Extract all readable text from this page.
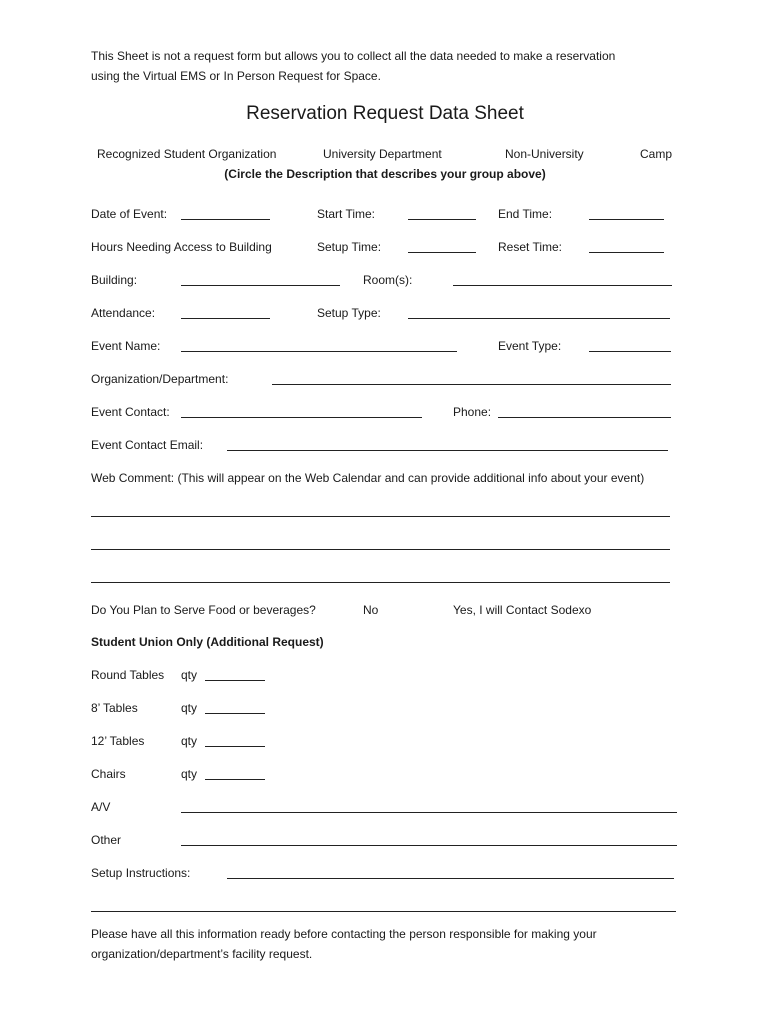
This Sheet is not a request form but allows you to collect all the data needed to make a reservation
using the Virtual EMS or In Person Request for Space.
Reservation Request Data Sheet
Recognized Student Organization	University Department	Non-University	Camp
(Circle the Description that describes your group above)
Date of Event:	Start Time:	End Time:
Hours Needing Access to Building	Setup Time:	Reset Time:
Building:	Room(s):
Attendance:	Setup Type:
Event Name:	Event Type:
Organization/Department:
Event Contact:	Phone:
Event Contact Email:
Web Comment: (This will appear on the Web Calendar and can provide additional info about your event)
Do You Plan to Serve Food or beverages?	No	Yes, I will Contact Sodexo
Student Union Only (Additional Request)
Round Tables qty
8’ Tables	qty
12’ Tables	qty
Chairs	qty
A/V
Other
Setup Instructions:
Please have all this information ready before contacting the person responsible for making your
organization/department’s facility request.
